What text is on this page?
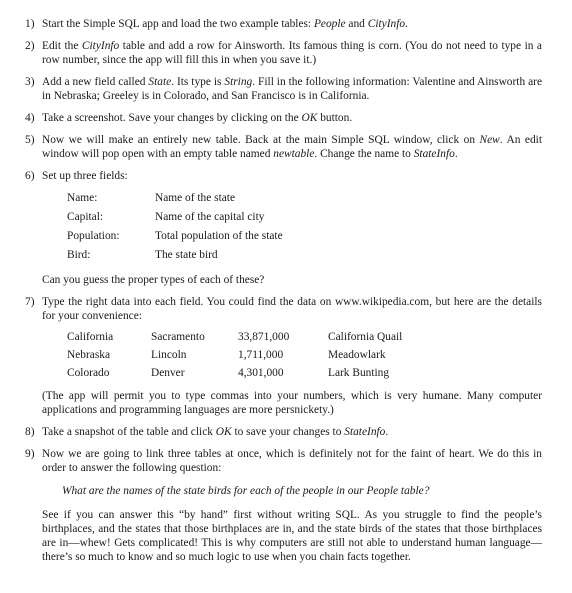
1) Start the Simple SQL app and load the two example tables: People and CityInfo.

2) Edit the CityInfo table and add a row for Ainsworth. Its famous thing is corn. (You do not need to type in a row number, since the app will fill this in when you save it.)

3) Add a new field called State. Its type is String. Fill in the following information: Valentine and Ainsworth are in Nebraska; Greeley is in Colorado, and San Francisco is in California.

4) Take a screenshot. Save your changes by clicking on the OK button.

5) Now we will make an entirely new table. Back at the main Simple SQL window, click on New. An edit window will pop open with an empty table named newtable. Change the name to StateInfo.

6) Set up three fields:

Name:	Name of the state
Capital:	Name of the capital city
Population:	Total population of the state
Bird:	The state bird

Can you guess the proper types of each of these?

7) Type the right data into each field. You could find the data on www.wikipedia.com, but here are the details for your convenience:

California	Sacramento	33,871,000	California Quail
Nebraska	Lincoln	1,711,000	Meadowlark
Colorado	Denver	4,301,000	Lark Bunting

(The app will permit you to type commas into your numbers, which is very humane. Many computer applications and programming languages are more persnickety.)

8) Take a snapshot of the table and click OK to save your changes to StateInfo.

9) Now we are going to link three tables at once, which is definitely not for the faint of heart. We do this in order to answer the following question:

What are the names of the state birds for each of the people in our People table?

See if you can answer this “by hand” first without writing SQL. As you struggle to find the people’s birthplaces, and the states that those birthplaces are in, and the state birds of the states that those birthplaces are in—whew! Gets complicated! This is why computers are still not able to understand human language—there’s so much to know and so much logic to use when you chain facts together.
